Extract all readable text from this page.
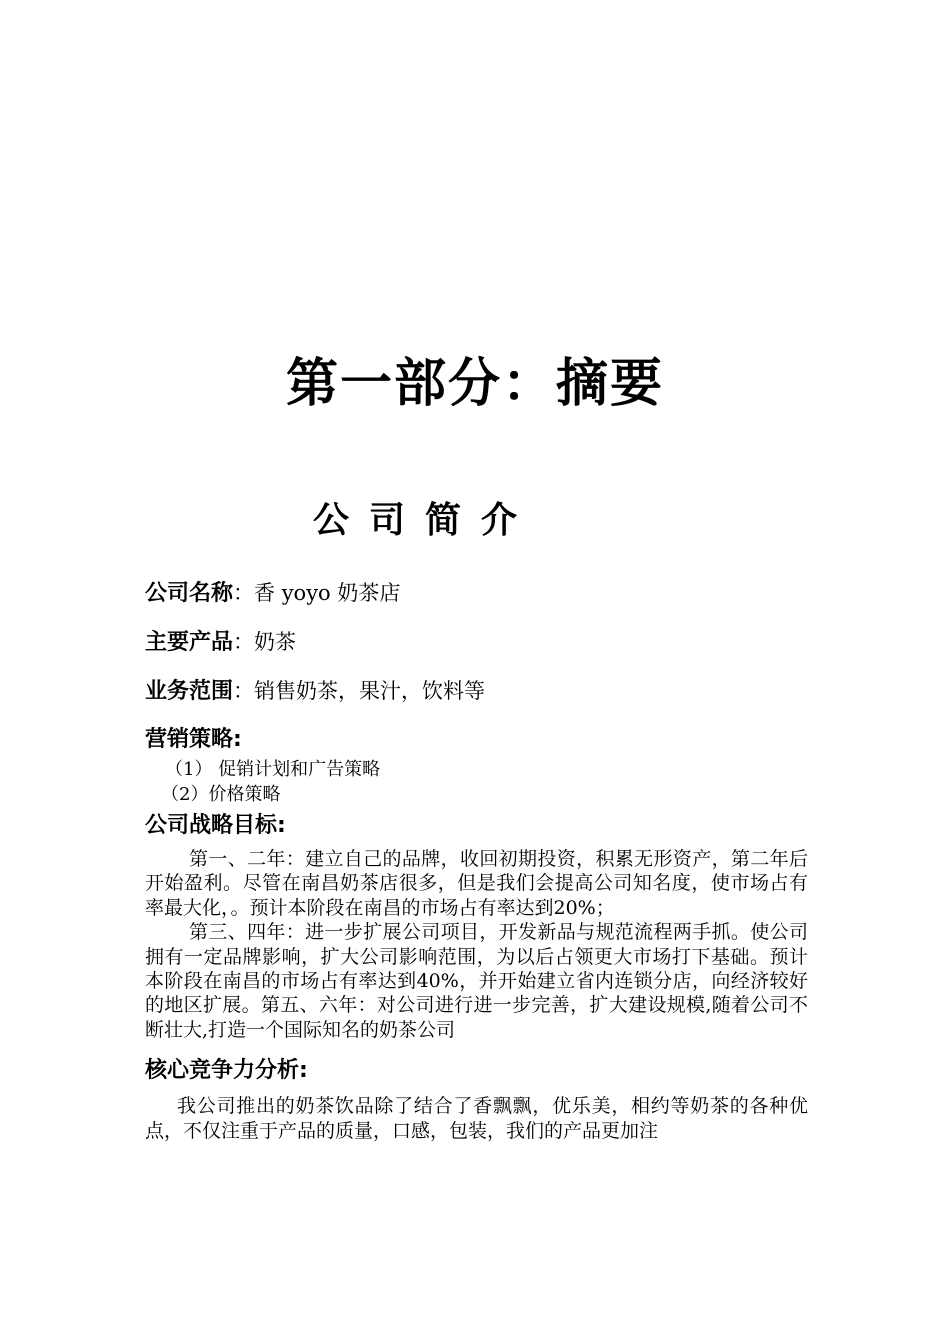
第一部分：摘要
公司简介
公司名称：香 yoyo 奶茶店
主要产品：奶茶
业务范围：销售奶茶，果汁，饮料等
营销策略:
（1） 促销计划和广告策略
（2）价格策略
公司战略目标:

第一、二年：建立自己的品牌，收回初期投资，积累无形资产，第二年后开始盈利。尽管在南昌奶茶店很多，但是我们会提高公司知名度，使市场占有率最大化，。预计本阶段在南昌的市场占有率达到20%；

第三、四年：进一步扩展公司项目，开发新品与规范流程两手抓。使公司拥有一定品牌影响，扩大公司影响范围，为以后占领更大市场打下基础。预计本阶段在南昌的市场占有率达到40%，并开始建立省内连锁分店，向经济较好的地区扩展。第五、六年：对公司进行进一步完善，扩大建设规模,随着公司不断壮大,打造一个国际知名的奶茶公司

核心竞争力分析:

我公司推出的奶茶饮品除了结合了香飘飘，优乐美，相约等奶茶的各种优点，不仅注重于产品的质量，口感，包装，我们的产品更加注
